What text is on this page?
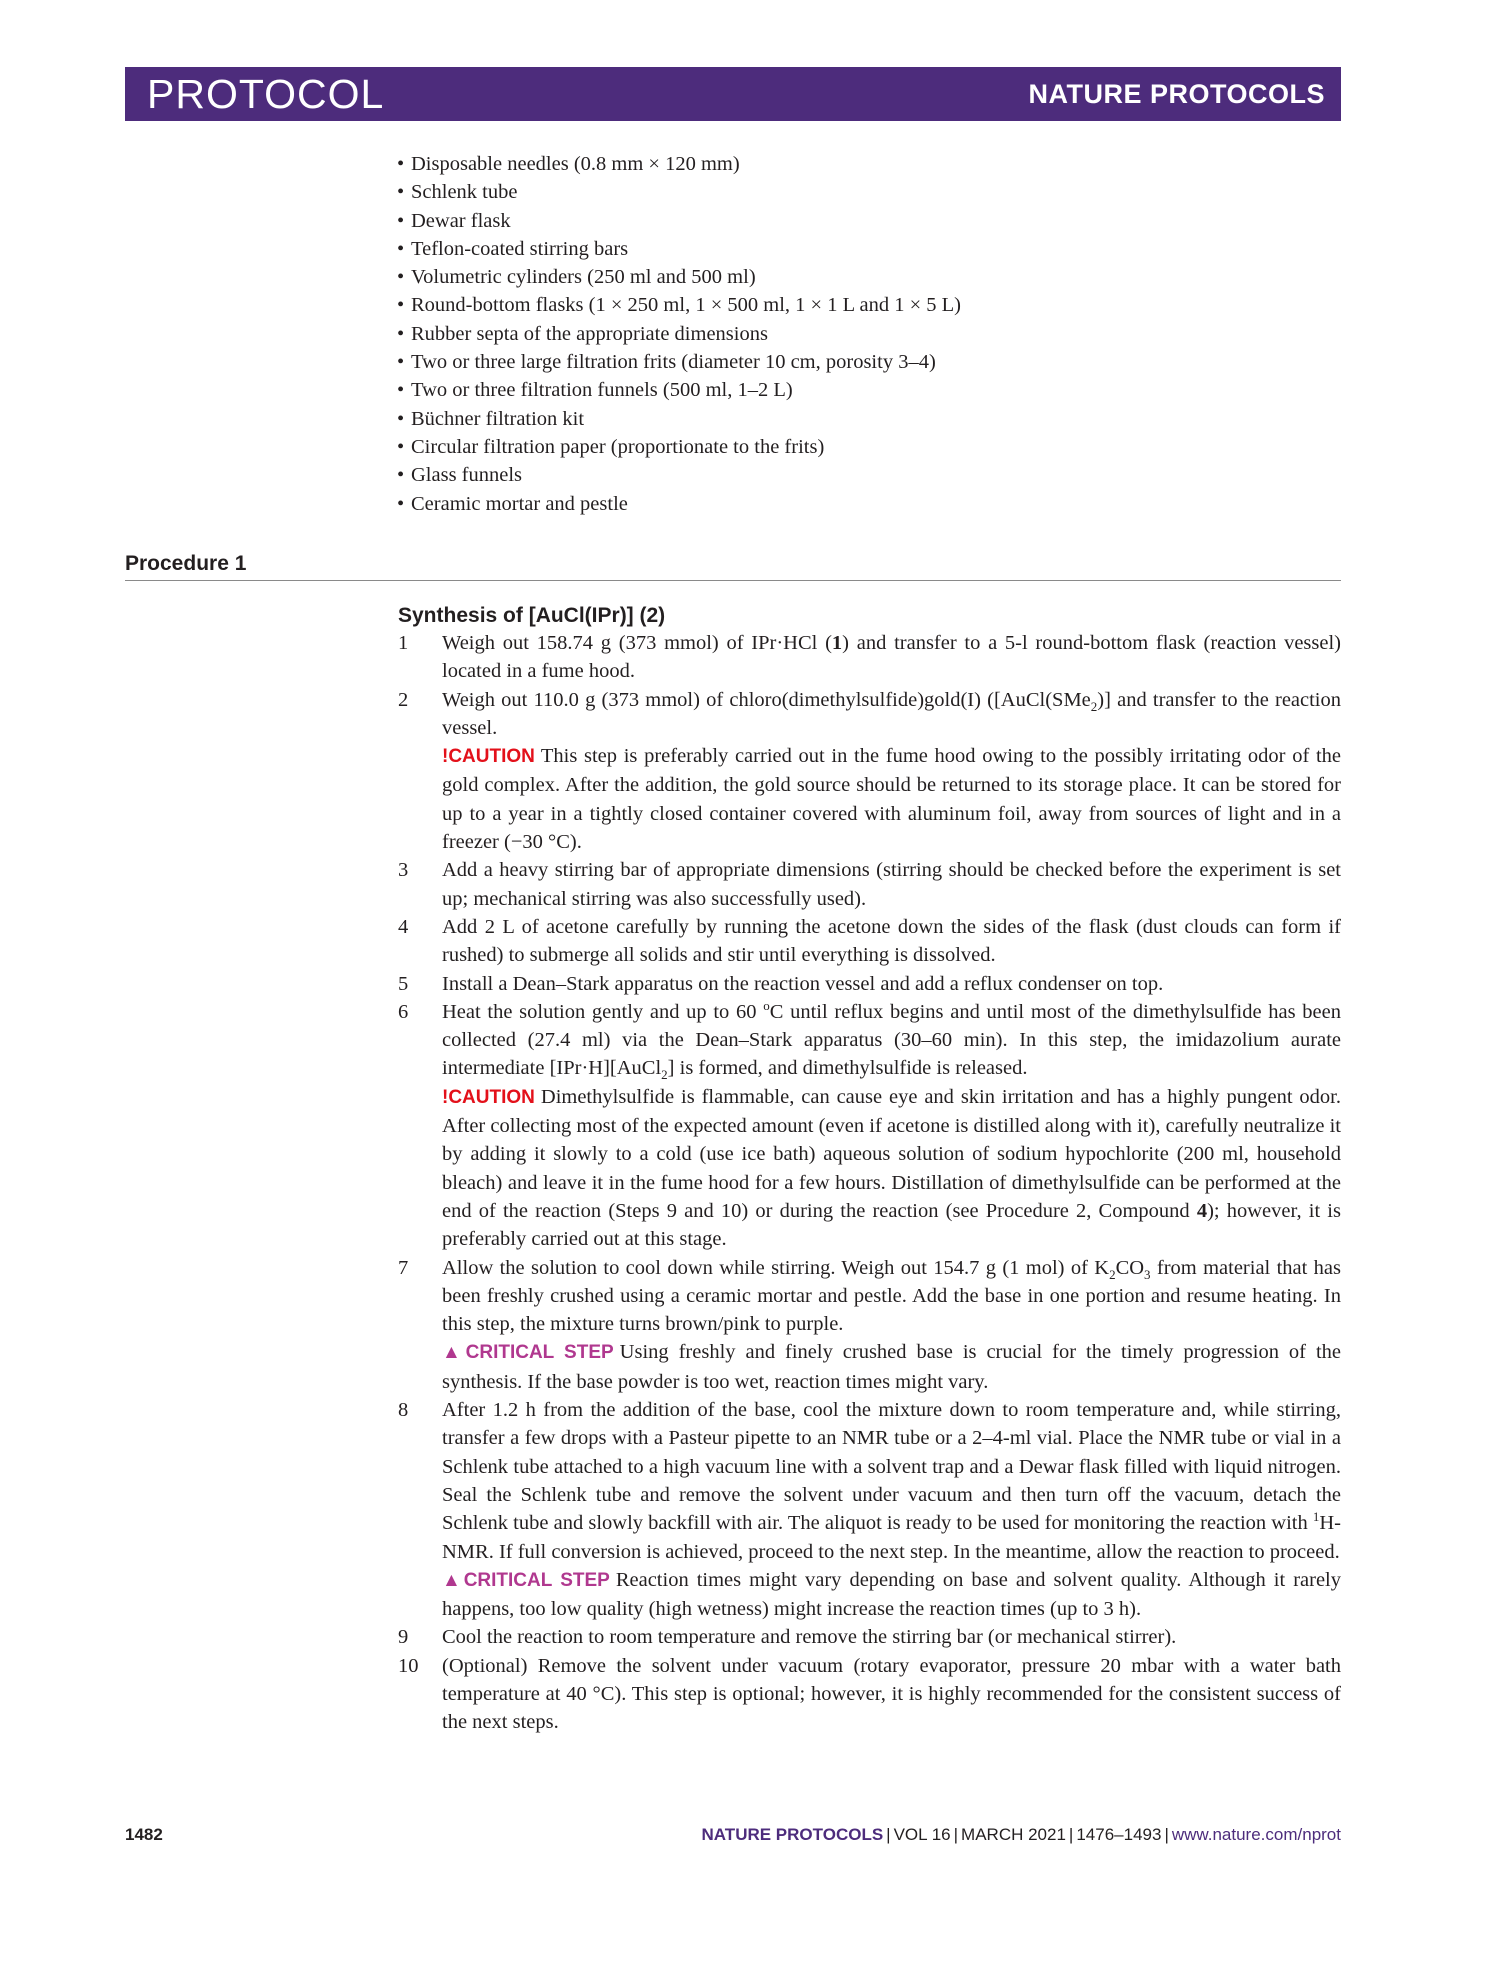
PROTOCOL	NATURE PROTOCOLS
• Disposable needles (0.8 mm × 120 mm)
• Schlenk tube
• Dewar flask
• Teflon-coated stirring bars
• Volumetric cylinders (250 ml and 500 ml)
• Round-bottom flasks (1 × 250 ml, 1 × 500 ml, 1 × 1 L and 1 × 5 L)
• Rubber septa of the appropriate dimensions
• Two or three large filtration frits (diameter 10 cm, porosity 3–4)
• Two or three filtration funnels (500 ml, 1–2 L)
• Büchner filtration kit
• Circular filtration paper (proportionate to the frits)
• Glass funnels
• Ceramic mortar and pestle
Procedure 1
Synthesis of [AuCl(IPr)] (2)
1	Weigh out 158.74 g (373 mmol) of IPr·HCl (1) and transfer to a 5-l round-bottom flask (reaction vessel) located in a fume hood.
2	Weigh out 110.0 g (373 mmol) of chloro(dimethylsulfide)gold(I) ([AuCl(SMe$_2$)] and transfer to the reaction vessel.
!CAUTION This step is preferably carried out in the fume hood owing to the possibly irritating odor of the gold complex. After the addition, the gold source should be returned to its storage place. It can be stored for up to a year in a tightly closed container covered with aluminum foil, away from sources of light and in a freezer (−30 °C).
3	Add a heavy stirring bar of appropriate dimensions (stirring should be checked before the experiment is set up; mechanical stirring was also successfully used).
4	Add 2 L of acetone carefully by running the acetone down the sides of the flask (dust clouds can form if rushed) to submerge all solids and stir until everything is dissolved.
5	Install a Dean–Stark apparatus on the reaction vessel and add a reflux condenser on top.
6	Heat the solution gently and up to 60 $^o$C until reflux begins and until most of the dimethylsulfide has been collected (27.4 ml) via the Dean–Stark apparatus (30–60 min). In this step, the imidazolium aurate intermediate [IPr·H][AuCl$_2$] is formed, and dimethylsulfide is released.
!CAUTION Dimethylsulfide is flammable, can cause eye and skin irritation and has a highly pungent odor. After collecting most of the expected amount (even if acetone is distilled along with it), carefully neutralize it by adding it slowly to a cold (use ice bath) aqueous solution of sodium hypochlorite (200 ml, household bleach) and leave it in the fume hood for a few hours. Distillation of dimethylsulfide can be performed at the end of the reaction (Steps 9 and 10) or during the reaction (see Procedure 2, Compound 4); however, it is preferably carried out at this stage.
7	Allow the solution to cool down while stirring. Weigh out 154.7 g (1 mol) of $K_2CO_3$ from material that has been freshly crushed using a ceramic mortar and pestle. Add the base in one portion and resume heating. In this step, the mixture turns brown/pink to purple.
▲CRITICAL STEP Using freshly and finely crushed base is crucial for the timely progression of the synthesis. If the base powder is too wet, reaction times might vary.
8	After 1.2 h from the addition of the base, cool the mixture down to room temperature and, while stirring, transfer a few drops with a Pasteur pipette to an NMR tube or a 2–4-ml vial. Place the NMR tube or vial in a Schlenk tube attached to a high vacuum line with a solvent trap and a Dewar flask filled with liquid nitrogen. Seal the Schlenk tube and remove the solvent under vacuum and then turn off the vacuum, detach the Schlenk tube and slowly backfill with air. The aliquot is ready to be used for monitoring the reaction with $^1$H-NMR. If full conversion is achieved, proceed to the next step. In the meantime, allow the reaction to proceed.
▲CRITICAL STEP Reaction times might vary depending on base and solvent quality. Although it rarely happens, too low quality (high wetness) might increase the reaction times (up to 3 h).
9	Cool the reaction to room temperature and remove the stirring bar (or mechanical stirrer).
10	(Optional) Remove the solvent under vacuum (rotary evaporator, pressure 20 mbar with a water bath temperature at 40 °C). This step is optional; however, it is highly recommended for the consistent success of the next steps.
1482	NATURE PROTOCOLS | VOL 16 | MARCH 2021 | 1476–1493 | www.nature.com/nprot
